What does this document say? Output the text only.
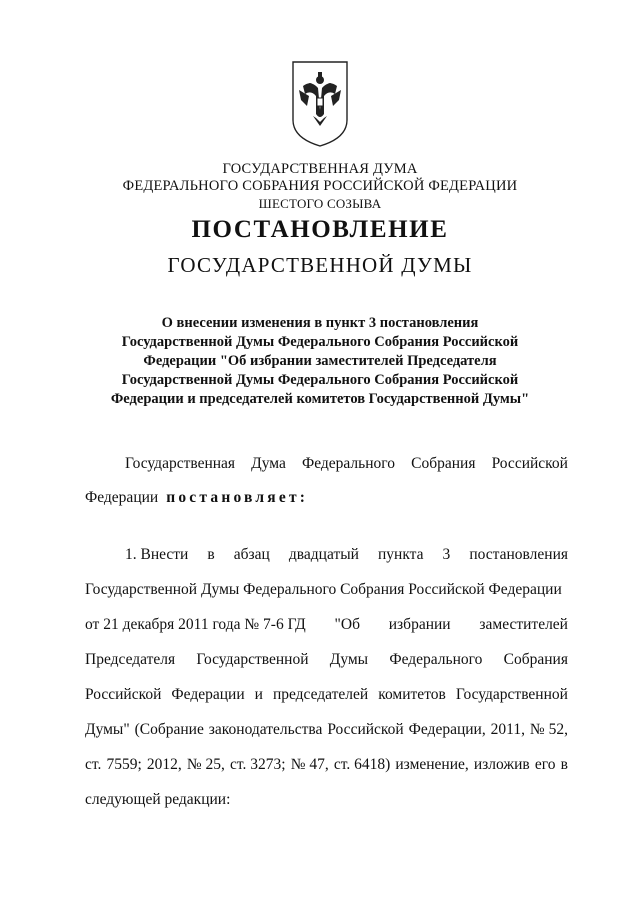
ГОСУДАРСТВЕННАЯ ДУМА
ФЕДЕРАЛЬНОГО СОБРАНИЯ РОССИЙСКОЙ ФЕДЕРАЦИИ
ШЕСТОГО СОЗЫВА
ПОСТАНОВЛЕНИЕ
ГОСУДАРСТВЕННОЙ ДУМЫ
О внесении изменения в пункт 3 постановления
Государственной Думы Федерального Собрания Российской
Федерации "Об избрании заместителей Председателя
Государственной Думы Федерального Собрания Российской
Федерации и председателей комитетов Государственной Думы"
Государственная Дума Федерального Собрания Российской
Федерации постановляет:
1. Внести в абзац двадцатый пункта 3 постановления
Государственной Думы Федерального Собрания Российской Федерации
от 21 декабря 2011 года № 7-6 ГД "Об избрании заместителей
Председателя Государственной Думы Федерального Собрания
Российской Федерации и председателей комитетов Государственной
Думы" (Собрание законодательства Российской Федерации, 2011, № 52,
ст. 7559; 2012, № 25, ст. 3273; № 47, ст. 6418) изменение, изложив его в
следующей редакции:
